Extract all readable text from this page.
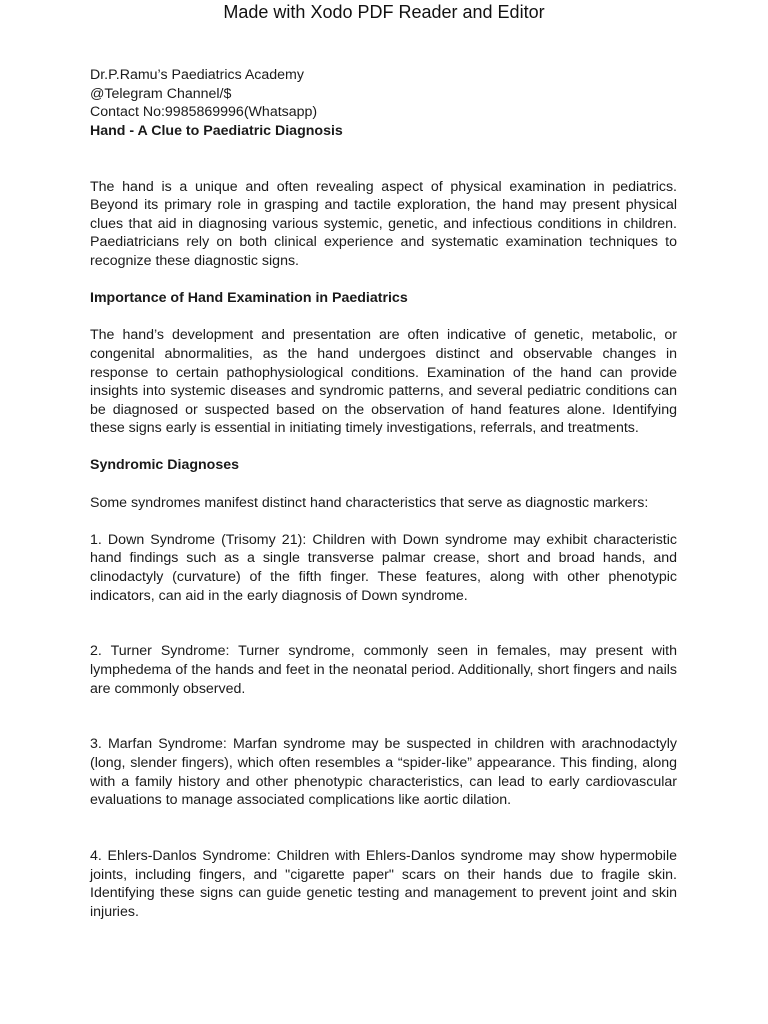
Made with Xodo PDF Reader and Editor

Dr.P.Ramu’s Paediatrics Academy

@Telegram Channel/$

Contact No:9985869996(Whatsapp)

Hand - A Clue to Paediatric Diagnosis

The hand is a unique and often revealing aspect of physical examination in pediatrics. Beyond its primary role in grasping and tactile exploration, the hand may present physical clues that aid in diagnosing various systemic, genetic, and infectious conditions in children. Paediatricians rely on both clinical experience and systematic examination techniques to recognize these diagnostic signs.

Importance of Hand Examination in Paediatrics

The hand’s development and presentation are often indicative of genetic, metabolic, or congenital abnormalities, as the hand undergoes distinct and observable changes in response to certain pathophysiological conditions. Examination of the hand can provide insights into systemic diseases and syndromic patterns, and several pediatric conditions can be diagnosed or suspected based on the observation of hand features alone. Identifying these signs early is essential in initiating timely investigations, referrals, and treatments.

Syndromic Diagnoses

Some syndromes manifest distinct hand characteristics that serve as diagnostic markers:

1. Down Syndrome (Trisomy 21): Children with Down syndrome may exhibit characteristic hand findings such as a single transverse palmar crease, short and broad hands, and clinodactyly (curvature) of the fifth finger. These features, along with other phenotypic indicators, can aid in the early diagnosis of Down syndrome.

2. Turner Syndrome: Turner syndrome, commonly seen in females, may present with lymphedema of the hands and feet in the neonatal period. Additionally, short fingers and nails are commonly observed.

3. Marfan Syndrome: Marfan syndrome may be suspected in children with arachnodactyly (long, slender fingers), which often resembles a “spider-like” appearance. This finding, along with a family history and other phenotypic characteristics, can lead to early cardiovascular evaluations to manage associated complications like aortic dilation.

4. Ehlers-Danlos Syndrome: Children with Ehlers-Danlos syndrome may show hypermobile joints, including fingers, and "cigarette paper" scars on their hands due to fragile skin. Identifying these signs can guide genetic testing and management to prevent joint and skin injuries.
